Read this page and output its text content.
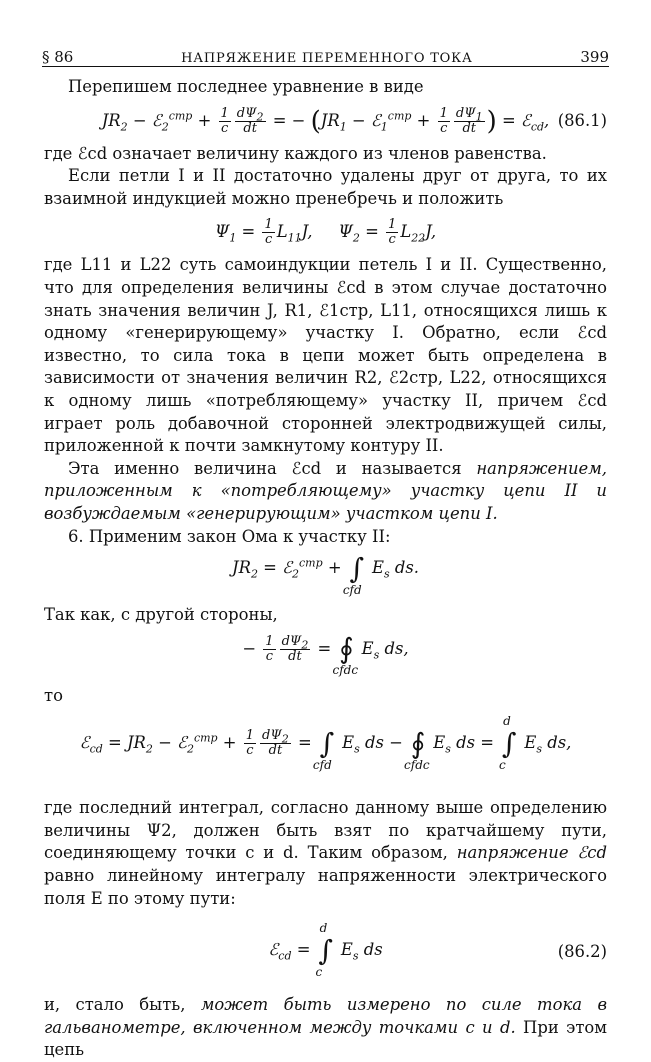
§ 86	НАПРЯЖЕНИЕ ПЕРЕМЕННОГО ТОКА	399

Перепишем последнее уравнение в виде

$JR_2$ − ℰ$_2^{стр}$ + $\frac{1}{c} \frac{d\Psi_2}{dt}$ = − ($JR_1$ − ℰ$_1^{стр}$ + $\frac{1}{c} \frac{d\Psi_1}{dt}$ ) = ℰ$_{cd}$, (86.1)

где ℰcd означает величину каждого из членов равенства.

Если петли I и II достаточно удалены друг от друга, то их взаимной индукцией можно пренебречь и положить

$\Psi_1 = \frac{1}{c} L_{11}J$,     $\Psi_2 = \frac{1}{c} L_{22}J$,

где L11 и L22 суть самоиндукции петель I и II. Существенно, что для определения величины ℰcd в этом случае достаточно знать значения величин J, R1, ℰ1стр, L11, относящихся лишь к одному «генерирующему» участку I. Обратно, если ℰcd известно, то сила тока в цепи может быть определена в зависимости от значения величин R2, ℰ2стр, L22, относящихся к одному лишь «потребляющему» участку II, причем ℰcd играет роль добавочной сторонней электродвижущей силы, приложенной к почти замкнутому контуру II.

Эта именно величина ℰcd и называется напряжением, приложенным к «потребляющему» участку цепи II и возбуждаемым «генерирующим» участком цепи I.

6. Применим закон Ома к участку II:

$JR_2$ = ℰ$_2^{стр}$ + ∫
cfd
$E_s$ ds.

Так как, с другой стороны,

− $\frac{1}{c} \frac{d\Psi_2}{dt}$ = ∮
cfdc
$E_s$ ds,

то

ℰ$_{cd}$ = $JR_2$ − ℰ$_2^{стр}$ + $\frac{1}{c} \frac{d\Psi_2}{dt}$ = ∫
cfd
$E_s$ ds − ∮
cfdc
$E_s$ ds = ∫
d
c
$E_s$ ds,

где последний интеграл, согласно данному выше определению величины Ψ2, должен быть взят по кратчайшему пути, соединяющему точки c и d. Таким образом, напряжение ℰcd равно линейному интегралу напряженности электрического поля E по этому пути:

ℰ$_{cd}$ = ∫
d
c
$E_s$ ds	(86.2)

и, стало быть, может быть измерено по силе тока в гальванометре, включенном между точками c и d. При этом цепь
